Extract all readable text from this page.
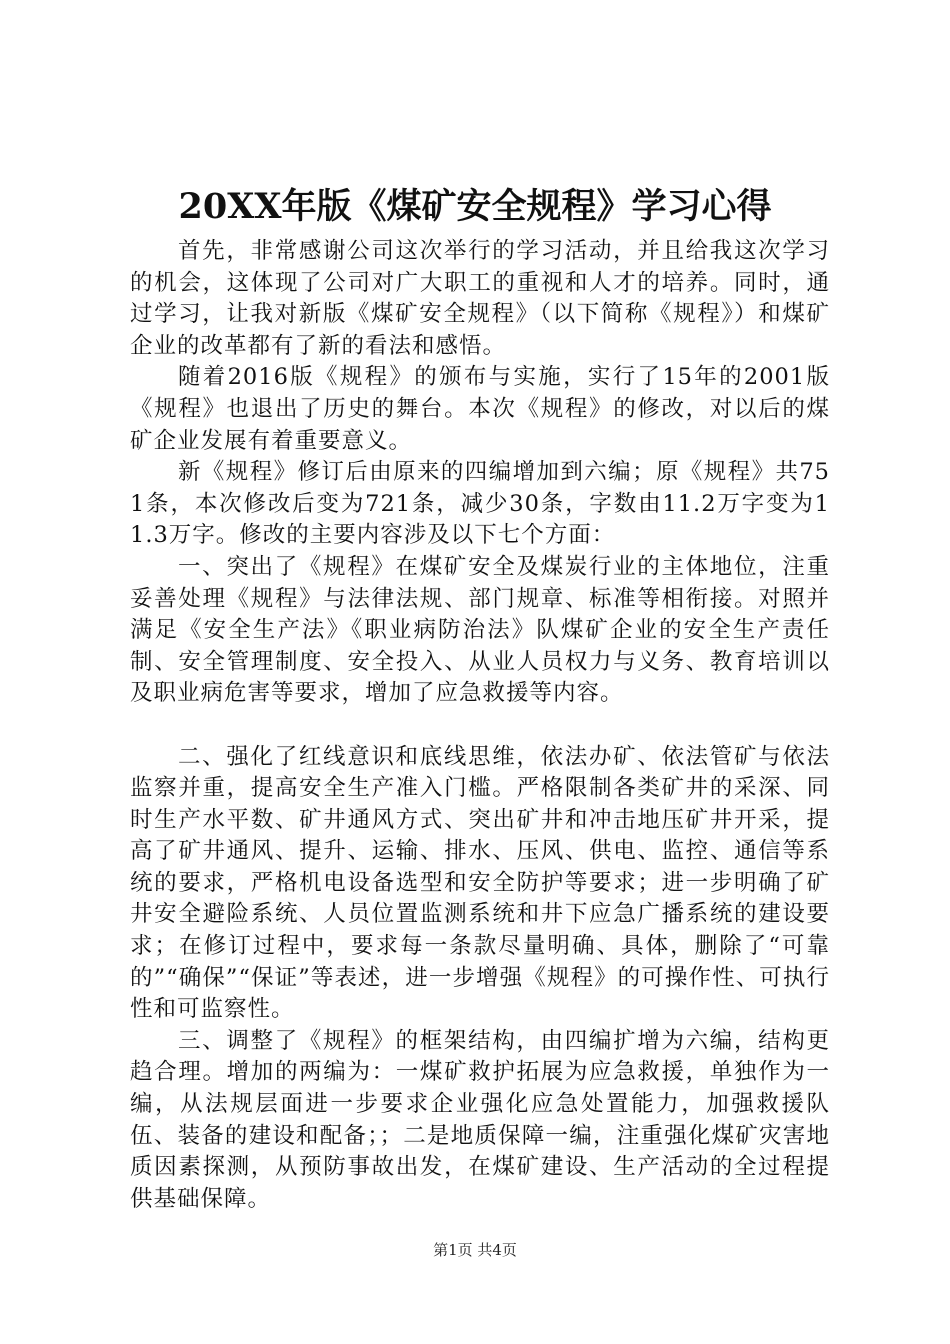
20XX年版《煤矿安全规程》学习心得

首先，非常感谢公司这次举行的学习活动，并且给我这次学习的机会，这体现了公司对广大职工的重视和人才的培养。同时，通过学习，让我对新版《煤矿安全规程》（以下简称《规程》）和煤矿企业的改革都有了新的看法和感悟。

随着2016版《规程》的颁布与实施，实行了15年的2001版《规程》也退出了历史的舞台。本次《规程》的修改，对以后的煤矿企业发展有着重要意义。

新《规程》修订后由原来的四编增加到六编；原《规程》共751条，本次修改后变为721条，减少30条，字数由11.2万字变为11.3万字。修改的主要内容涉及以下七个方面：

一、突出了《规程》在煤矿安全及煤炭行业的主体地位，注重妥善处理《规程》与法律法规、部门规章、标准等相衔接。对照并满足《安全生产法》《职业病防治法》队煤矿企业的安全生产责任制、安全管理制度、安全投入、从业人员权力与义务、教育培训以及职业病危害等要求，增加了应急救援等内容。

二、强化了红线意识和底线思维，依法办矿、依法管矿与依法监察并重，提高安全生产准入门槛。严格限制各类矿井的采深、同时生产水平数、矿井通风方式、突出矿井和冲击地压矿井开采，提高了矿井通风、提升、运输、排水、压风、供电、监控、通信等系统的要求，严格机电设备选型和安全防护等要求；进一步明确了矿井安全避险系统、人员位置监测系统和井下应急广播系统的建设要求；在修订过程中，要求每一条款尽量明确、具体，删除了“可靠的”“确保”“保证”等表述，进一步增强《规程》的可操作性、可执行性和可监察性。

三、调整了《规程》的框架结构，由四编扩增为六编，结构更趋合理。增加的两编为：一煤矿救护拓展为应急救援，单独作为一编，从法规层面进一步要求企业强化应急处置能力，加强救援队伍、装备的建设和配备；；二是地质保障一编，注重强化煤矿灾害地质因素探测，从预防事故出发，在煤矿建设、生产活动的全过程提供基础保障。

第1页 共4页
